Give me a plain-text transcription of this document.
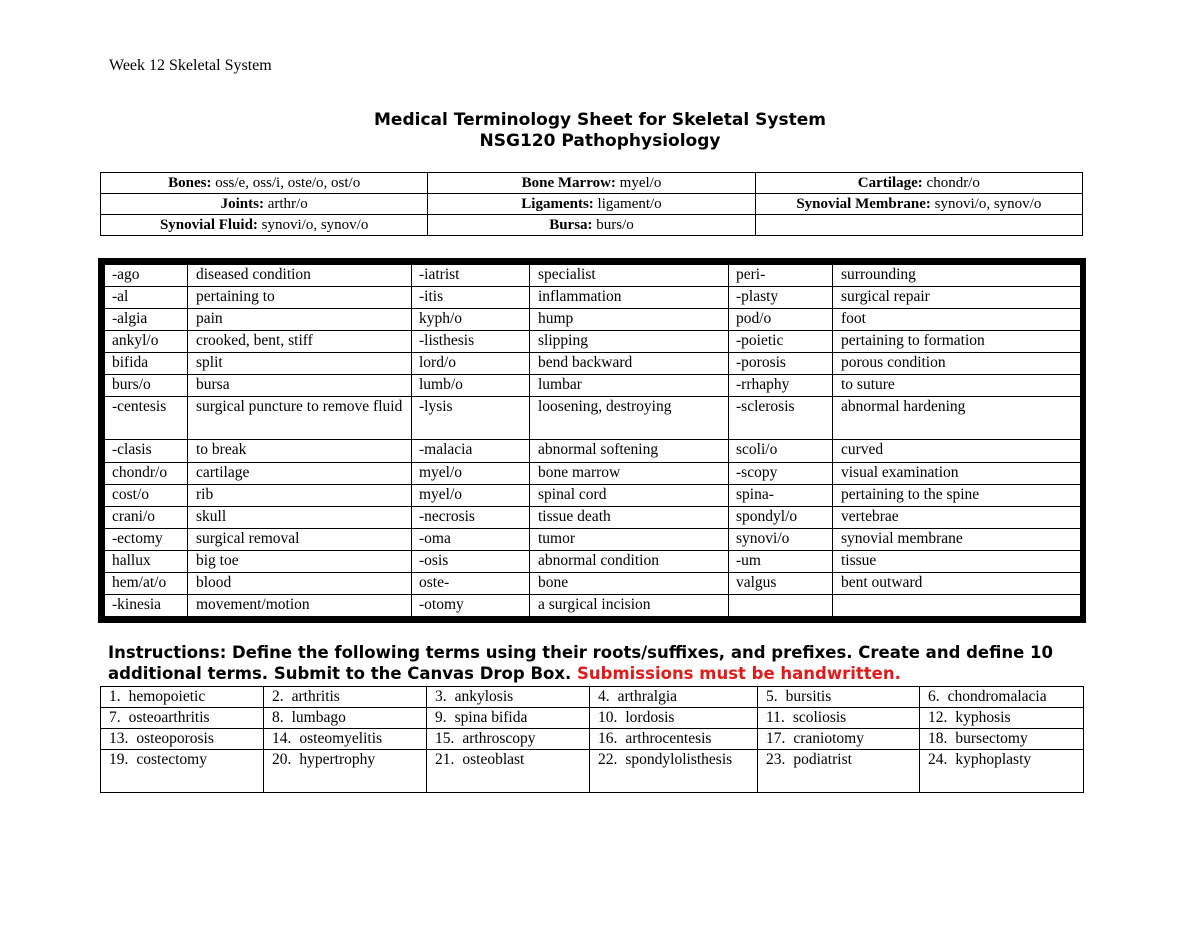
Week 12 Skeletal System
Medical Terminology Sheet for Skeletal System
NSG120 Pathophysiology
Bones: oss/e, oss/i, oste/o, ost/o	Bone Marrow: myel/o	Cartilage: chondr/o
Joints: arthr/o	Ligaments: ligament/o	Synovial Membrane: synovi/o, synov/o
Synovial Fluid: synovi/o, synov/o	Bursa: burs/o	
-ago	diseased condition	-iatrist	specialist	peri-	surrounding
-al	pertaining to	-itis	inflammation	-plasty	surgical repair
-algia	pain	kyph/o	hump	pod/o	foot
ankyl/o	crooked, bent, stiff	-listhesis	slipping	-poietic	pertaining to formation
bifida	split	lord/o	bend backward	-porosis	porous condition
burs/o	bursa	lumb/o	lumbar	-rrhaphy	to suture
-centesis	surgical puncture to remove fluid	-lysis	loosening, destroying	-sclerosis	abnormal hardening
-clasis	to break	-malacia	abnormal softening	scoli/o	curved
chondr/o	cartilage	myel/o	bone marrow	-scopy	visual examination
cost/o	rib	myel/o	spinal cord	spina-	pertaining to the spine
crani/o	skull	-necrosis	tissue death	spondyl/o	vertebrae
-ectomy	surgical removal	-oma	tumor	synovi/o	synovial membrane
hallux	big toe	-osis	abnormal condition	-um	tissue
hem/at/o	blood	oste-	bone	valgus	bent outward
-kinesia	movement/motion	-otomy	a surgical incision		
Instructions: Define the following terms using their roots/suffixes, and prefixes. Create and define 10 additional terms. Submit to the Canvas Drop Box. Submissions must be handwritten.
1. hemopoietic	2. arthritis	3. ankylosis	4. arthralgia	5. bursitis	6. chondromalacia
7. osteoarthritis	8. lumbago	9. spina bifida	10. lordosis	11. scoliosis	12. kyphosis
13. osteoporosis	14. osteomyelitis	15. arthroscopy	16. arthrocentesis	17. craniotomy	18. bursectomy
19. costectomy	20. hypertrophy	21. osteoblast	22. spondylolisthesis	23. podiatrist	24. kyphoplasty
